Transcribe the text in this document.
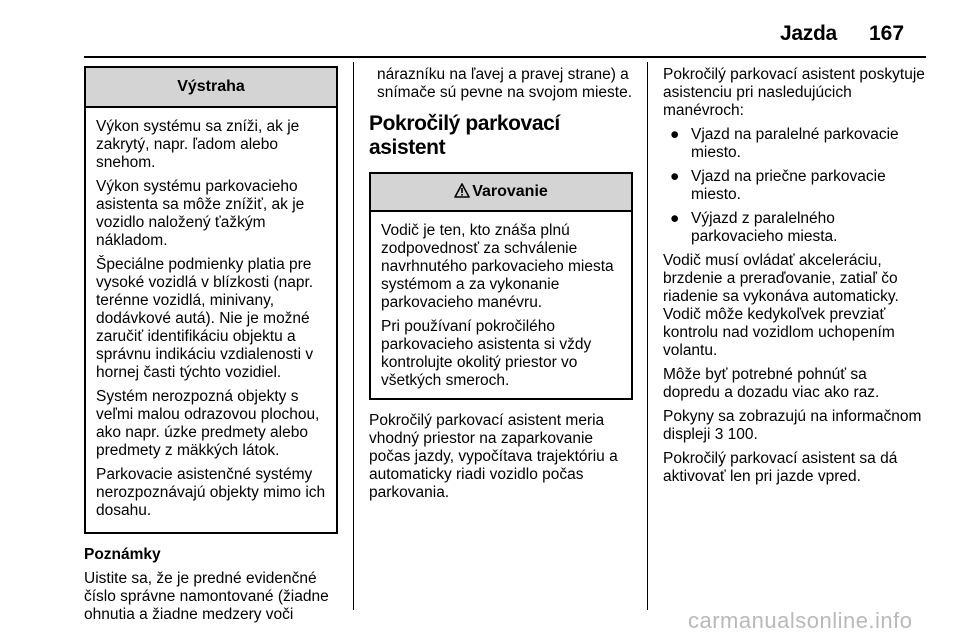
Jazda 167
Výstraha

Výkon systému sa zníži, ak je zakrytý, napr. ľadom alebo snehom.

Výkon systému parkovacieho asistenta sa môže znížiť, ak je vozidlo naložený ťažkým nákladom.

Špeciálne podmienky platia pre vysoké vozidlá v blízkosti (napr. terénne vozidlá, minivany, dodávkové autá). Nie je možné zaručiť identifikáciu objektu a správnu indikáciu vzdialenosti v hornej časti týchto vozidiel.

Systém nerozpozná objekty s veľmi malou odrazovou plochou, ako napr. úzke predmety alebo predmety z mäkkých látok.

Parkovacie asistenčné systémy nerozpoznávajú objekty mimo ich dosahu.

Poznámky

Uistite sa, že je predné evidenčné číslo správne namontované (žiadne ohnutia a žiadne medzery voči

nárazníku na ľavej a pravej strane) a snímače sú pevne na svojom mieste.

Pokročilý parkovací asistent
Varovanie

Vodič je ten, kto znáša plnú zodpovednosť za schválenie navrhnutého parkovacieho miesta systémom a za vykonanie parkovacieho manévru.

Pri používaní pokročilého parkovacieho asistenta si vždy kontrolujte okolitý priestor vo všetkých smeroch.

Pokročilý parkovací asistent meria vhodný priestor na zaparkovanie počas jazdy, vypočítava trajektóriu a automaticky riadi vozidlo počas parkovania.

Pokročilý parkovací asistent poskytuje asistenciu pri nasledujúcich manévroch:

● Vjazd na paralelné parkovacie miesto.
● Vjazd na priečne parkovacie miesto.
● Výjazd z paralelného parkovacieho miesta.

Vodič musí ovládať akceleráciu, brzdenie a preraďovanie, zatiaľ čo riadenie sa vykonáva automaticky. Vodič môže kedykoľvek prevziať kontrolu nad vozidlom uchopením volantu.

Môže byť potrebné pohnúť sa dopredu a dozadu viac ako raz.

Pokyny sa zobrazujú na informačnom displeji 3 100.

Pokročilý parkovací asistent sa dá aktivovať len pri jazde vpred.

carmanualsonline.info
